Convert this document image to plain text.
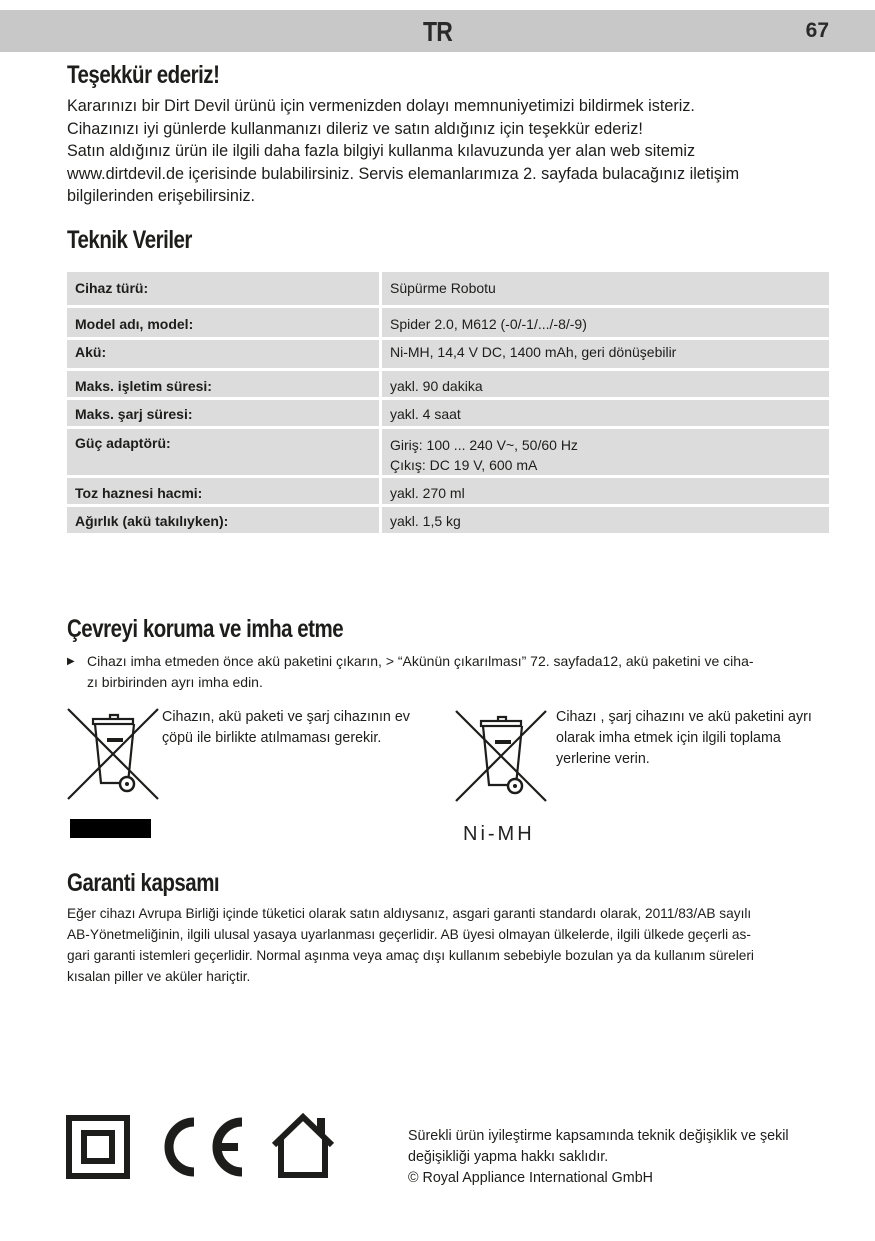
TR	67
Teşekkür ederiz!

Kararınızı bir Dirt Devil ürünü için vermenizden dolayı memnuniyetimizi bildirmek isteriz.

Cihazınızı iyi günlerde kullanmanızı dileriz ve satın aldığınız için teşekkür ederiz!

Satın aldığınız ürün ile ilgili daha fazla bilgiyi kullanma kılavuzunda yer alan web sitemiz

www.dirtdevil.de içerisinde bulabilirsiniz. Servis elemanlarımıza 2. sayfada bulacağınız iletişim

bilgilerinden erişebilirsiniz.

Teknik Veriler
Cihaz türü:	Süpürme Robotu
Model adı, model:	Spider 2.0, M612 (-0/-1/.../-8/-9)
Akü:	Ni-MH, 14,4 V DC, 1400 mAh, geri dönüşebilir
Maks. işletim süresi:	yakl. 90 dakika
Maks. şarj süresi:	yakl. 4 saat
Güç adaptörü:	Giriş: 100 ... 240 V~, 50/60 Hz
Çıkış: DC 19 V, 600 mA

Toz haznesi hacmi:	yakl. 270 ml
Ağırlık (akü takılıyken):	yakl. 1,5 kg
Çevreyi koruma ve imha etme
▶ Cihazı imha etmeden önce akü paketini çıkarın, > “Akünün çıkarılması” 72. sayfada12, akü paketini ve ciha-
zı birbirinden ayrı imha edin.
Cihazın, akü paketi ve şarj cihazının ev
çöpü ile birlikte atılmaması gerekir.
Cihazı , şarj cihazını ve akü paketini ayrı
olarak imha etmek için ilgili toplama
yerlerine verin.
Ni-MH
Garanti kapsamı

Eğer cihazı Avrupa Birliği içinde tüketici olarak satın aldıysanız, asgari garanti standardı olarak, 2011/83/AB sayılı

AB-Yönetmeliğinin, ilgili ulusal yasaya uyarlanması geçerlidir. AB üyesi olmayan ülkelerde, ilgili ülkede geçerli as-

gari garanti istemleri geçerlidir. Normal aşınma veya amaç dışı kullanım sebebiyle bozulan ya da kullanım süreleri

kısalan piller ve aküler hariçtir.

Sürekli ürün iyileştirme kapsamında teknik değişiklik ve şekil

değişikliği yapma hakkı saklıdır.

© Royal Appliance International GmbH
